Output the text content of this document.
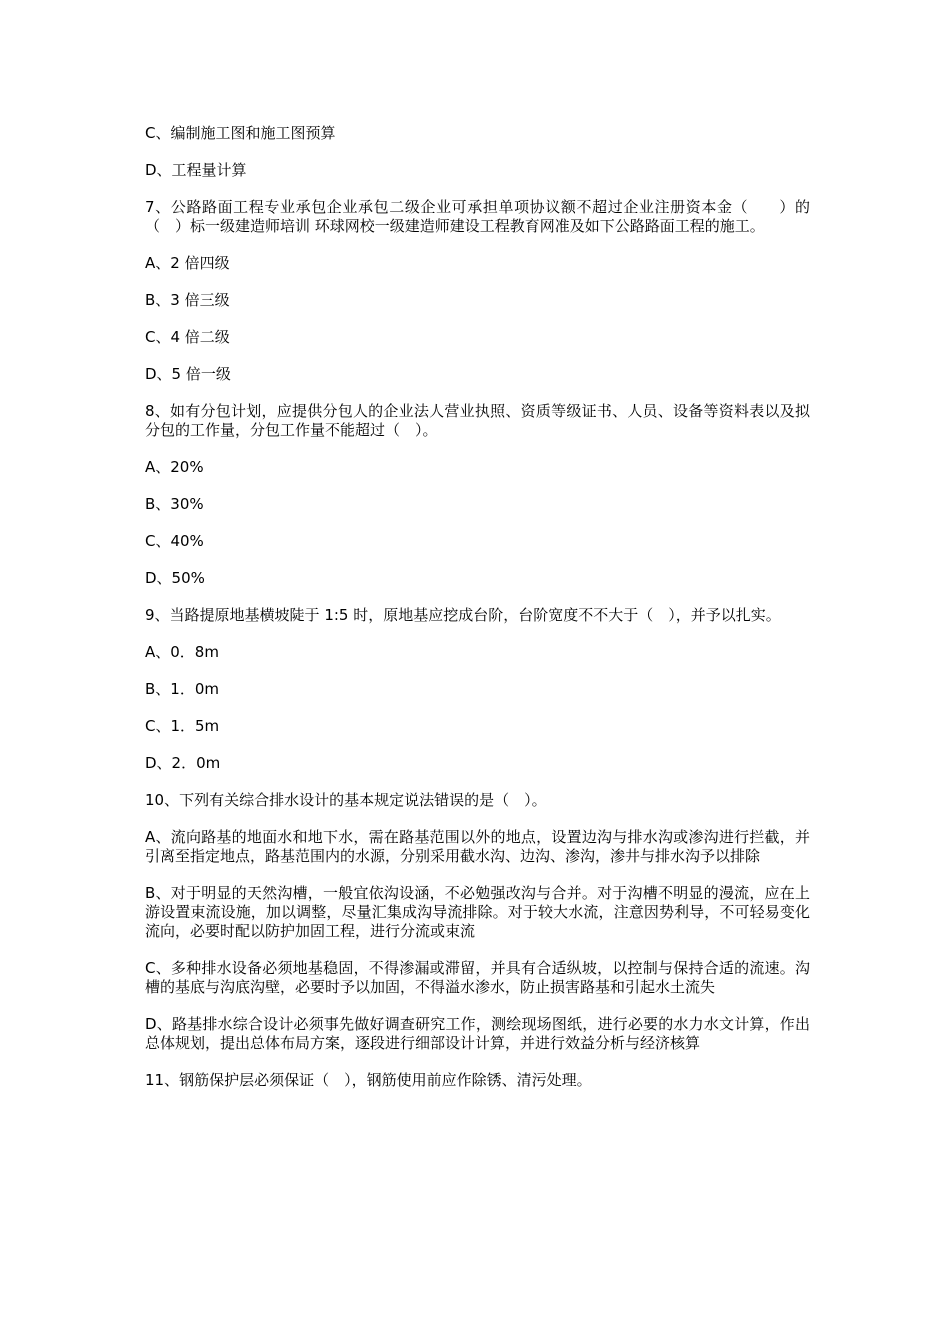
C、编制施工图和施工图预算

D、工程量计算

7、公路路面工程专业承包企业承包二级企业可承担单项协议额不超过企业注册资本金（　　）的（　）标一级建造师培训 环球网校一级建造师建设工程教育网准及如下公路路面工程的施工。

A、2 倍四级

B、3 倍三级

C、4 倍二级

D、5 倍一级

8、如有分包计划，应提供分包人的企业法人营业执照、资质等级证书、人员、设备等资料表以及拟分包的工作量，分包工作量不能超过（　）。

A、20%

B、30%

C、40%

D、50%

9、当路提原地基横坡陡于 1:5 时，原地基应挖成台阶，台阶宽度不不大于（　），并予以扎实。

A、0．8m

B、1．0m

C、1．5m

D、2．0m

10、下列有关综合排水设计的基本规定说法错误的是（　）。

A、流向路基的地面水和地下水，需在路基范围以外的地点，设置边沟与排水沟或渗沟进行拦截，并引离至指定地点，路基范围内的水源，分别采用截水沟、边沟、渗沟，渗井与排水沟予以排除

B、对于明显的天然沟槽，一般宜依沟设涵，不必勉强改沟与合并。对于沟槽不明显的漫流，应在上游设置束流设施，加以调整，尽量汇集成沟导流排除。对于较大水流，注意因势利导，不可轻易变化流向，必要时配以防护加固工程，进行分流或束流

C、多种排水设备必须地基稳固，不得渗漏或滞留，并具有合适纵坡，以控制与保持合适的流速。沟槽的基底与沟底沟壁，必要时予以加固，不得溢水渗水，防止损害路基和引起水土流失

D、路基排水综合设计必须事先做好调查研究工作，测绘现场图纸，进行必要的水力水文计算，作出总体规划，提出总体布局方案，逐段进行细部设计计算，并进行效益分析与经济核算

11、钢筋保护层必须保证（　），钢筋使用前应作除锈、清污处理。
